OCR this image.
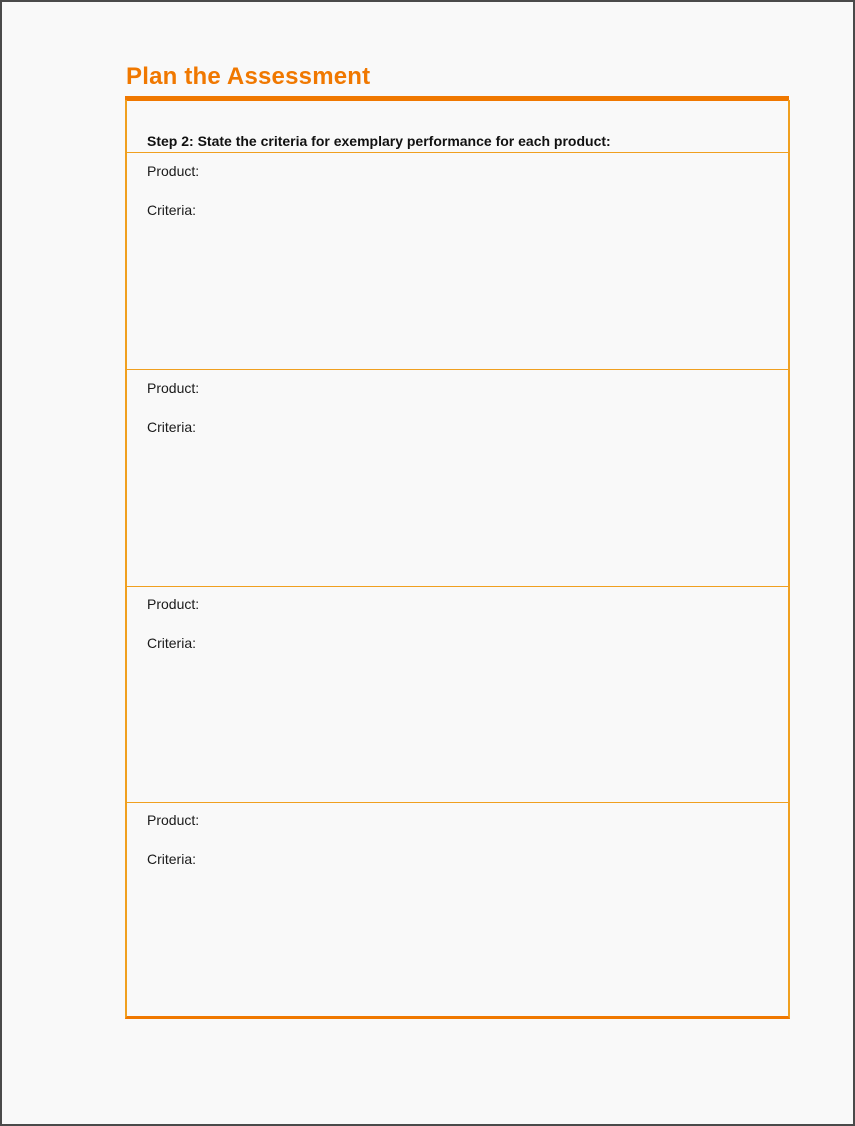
Plan the Assessment
Step 2: State the criteria for exemplary performance for each product:
Product:
Criteria:
Product:
Criteria:
Product:
Criteria:
Product:
Criteria:
